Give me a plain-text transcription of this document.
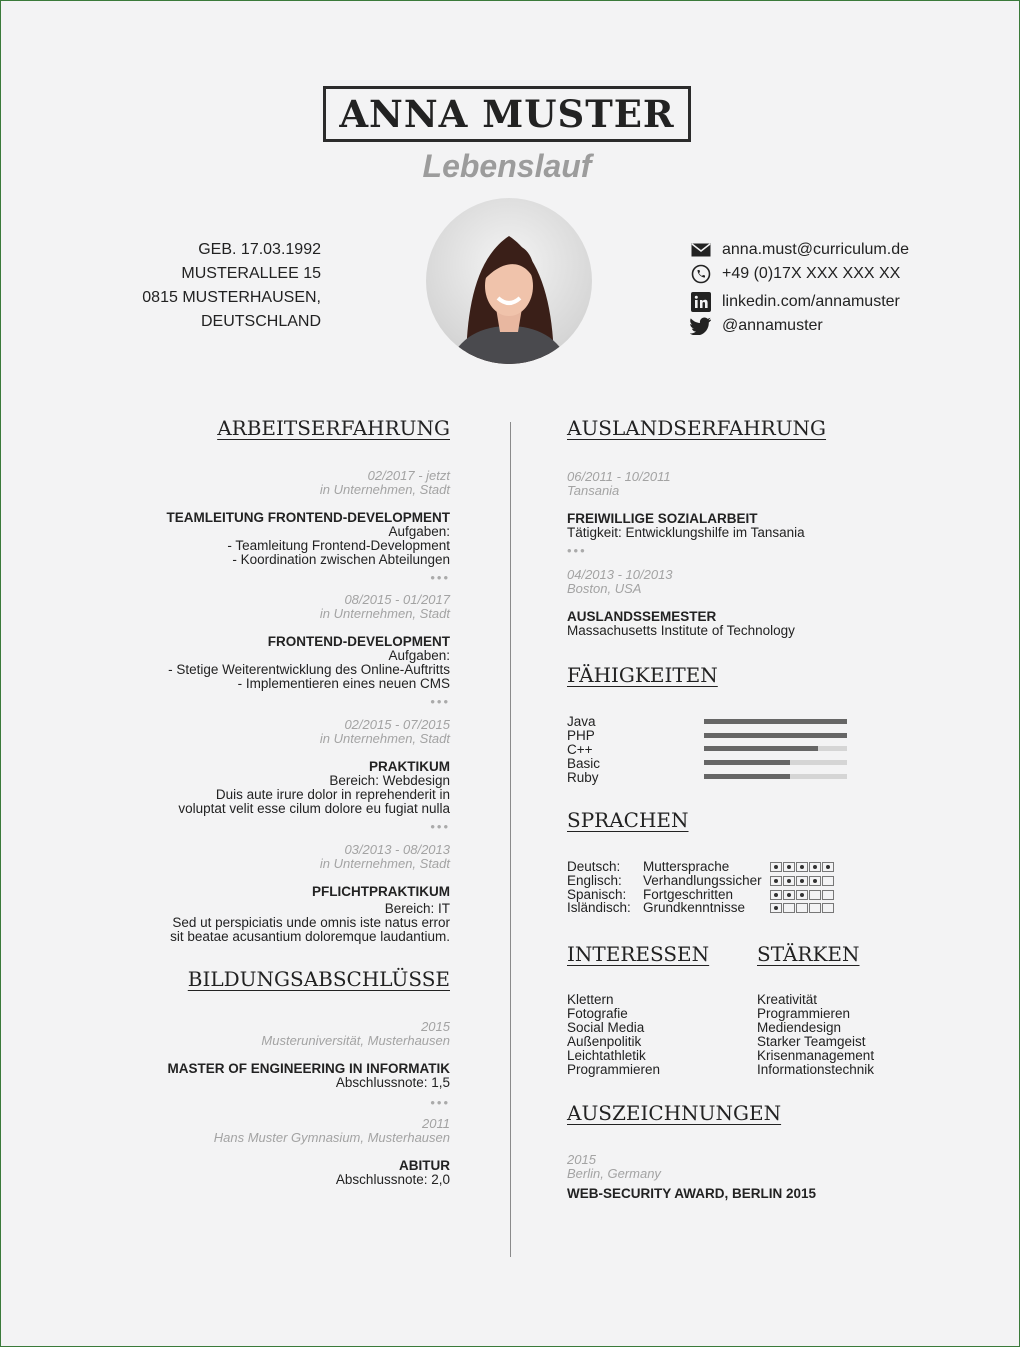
ANNA MUSTER
Lebenslauf
GEB. 17.03.1992
MUSTERALLEE 15
0815 MUSTERHAUSEN,
DEUTSCHLAND
anna.must@curriculum.de
+49 (0)17X XXX XXX XX
linkedin.com/annamuster
@annamuster
ARBEITSERFAHRUNG
02/2017 - jetzt
in Unternehmen, Stadt
TEAMLEITUNG FRONTEND-DEVELOPMENT
Aufgaben:
- Teamleitung Frontend-Development
- Koordination zwischen Abteilungen
•••
08/2015 - 01/2017
in Unternehmen, Stadt
FRONTEND-DEVELOPMENT
Aufgaben:
- Stetige Weiterentwicklung des Online-Auftritts
- Implementieren eines neuen CMS
•••
02/2015 - 07/2015
in Unternehmen, Stadt
PRAKTIKUM
Bereich: Webdesign
Duis aute irure dolor in reprehenderit in
voluptat velit esse cilum dolore eu fugiat nulla
•••
03/2013 - 08/2013
in Unternehmen, Stadt
PFLICHTPRAKTIKUM
Bereich: IT
Sed ut perspiciatis unde omnis iste natus error
sit beatae acusantium doloremque laudantium.
BILDUNGSABSCHLÜSSE
2015
Musteruniversität, Musterhausen
MASTER OF ENGINEERING IN INFORMATIK
Abschlussnote: 1,5
•••
2011
Hans Muster Gymnasium, Musterhausen
ABITUR
Abschlussnote: 2,0
AUSLANDSERFAHRUNG
06/2011 - 10/2011
Tansania
FREIWILLIGE SOZIALARBEIT
Tätigkeit: Entwicklungshilfe im Tansania
•••
04/2013 - 10/2013
Boston, USA
AUSLANDSSEMESTER
Massachusetts Institute of Technology
FÄHIGKEITEN
Java
PHP
C++
Basic
Ruby
SPRACHEN
Deutsch: Muttersprache
Englisch: Verhandlungssicher
Spanisch: Fortgeschritten
Isländisch: Grundkenntnisse
INTERESSEN STÄRKEN
Klettern
Fotografie
Social Media
Außenpolitik
Leichtathletik
Programmieren
Kreativität
Programmieren
Mediendesign
Starker Teamgeist
Krisenmanagement
Informationstechnik
AUSZEICHNUNGEN
2015
Berlin, Germany
WEB-SECURITY AWARD, BERLIN 2015
